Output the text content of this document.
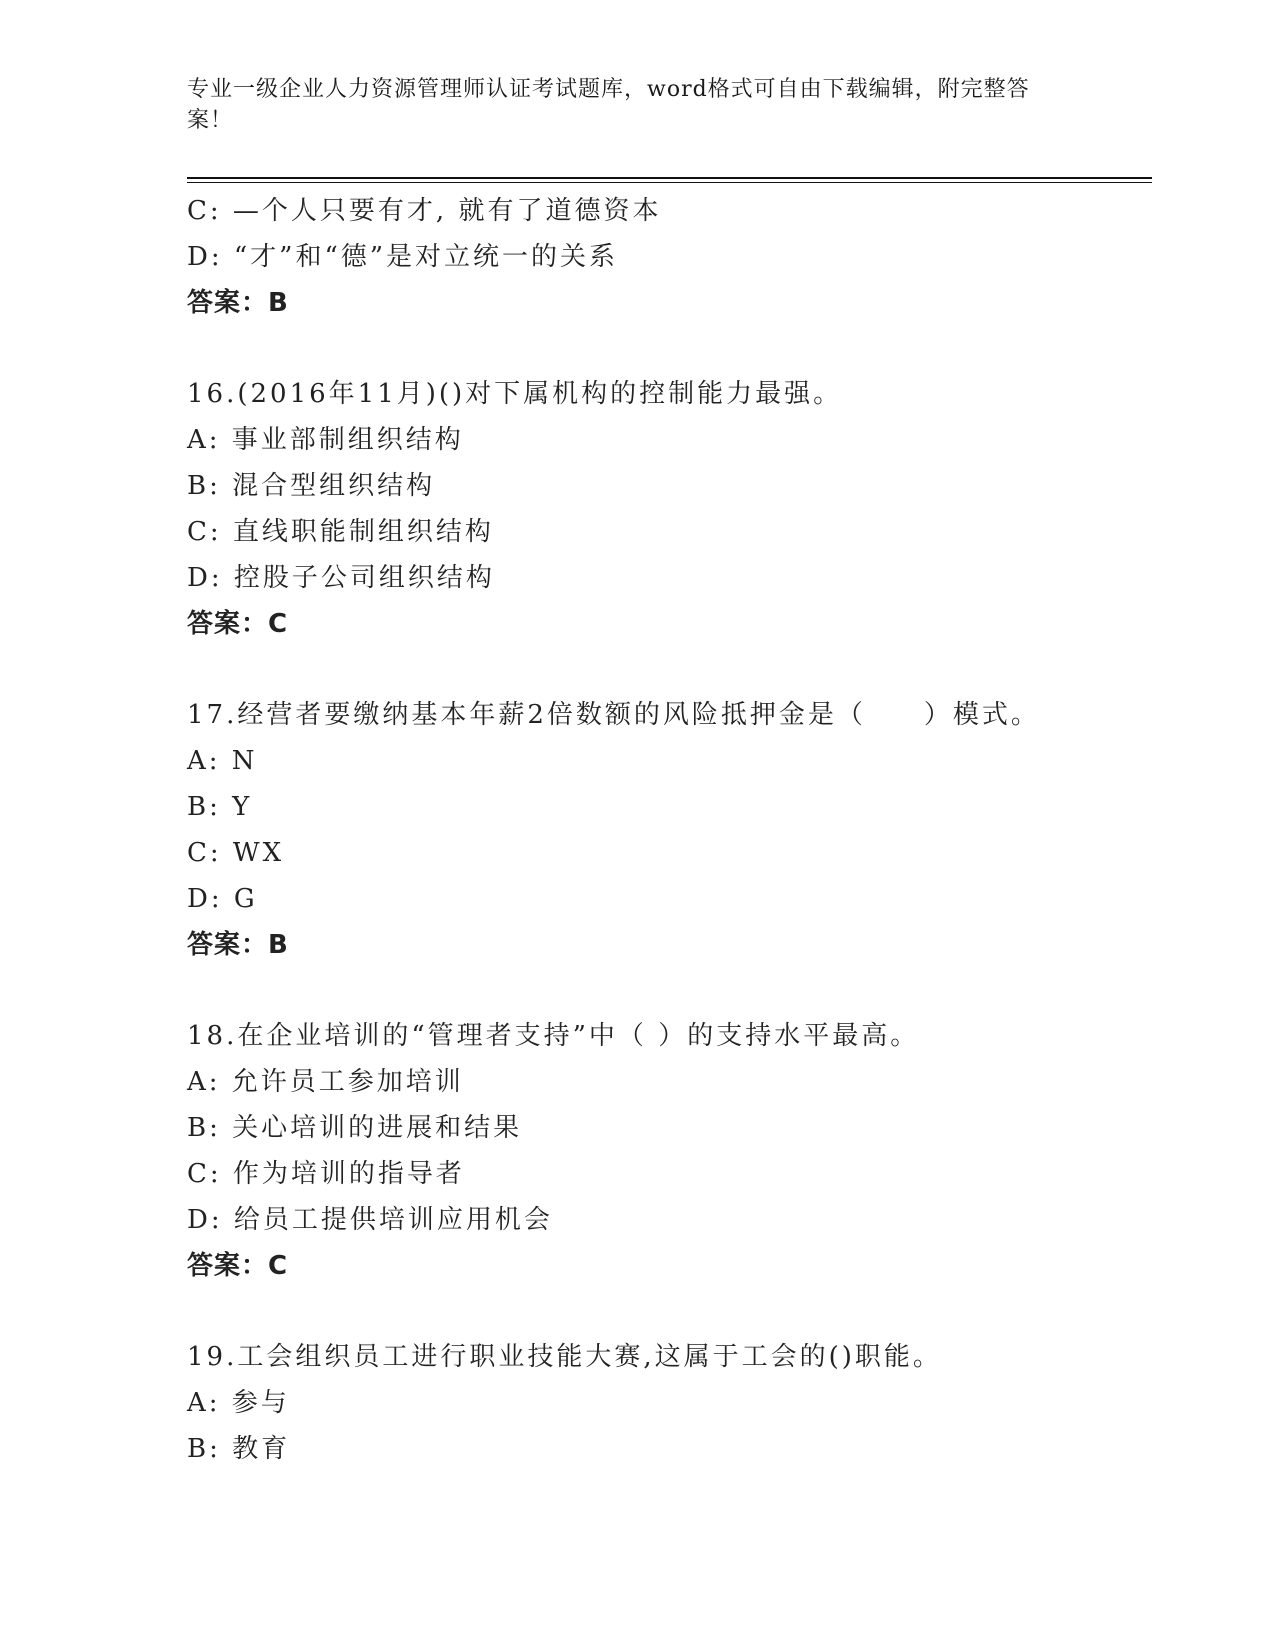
专业一级企业人力资源管理师认证考试题库，word格式可自由下载编辑，附完整答案！
C: —个人只要有才, 就有了道德资本
D: “才”和“德”是对立统一的关系
答案：B
16.(2016年11月)()对下属机构的控制能力最强。
A: 事业部制组织结构
B: 混合型组织结构
C: 直线职能制组织结构
D: 控股子公司组织结构
答案：C
17.经营者要缴纳基本年薪2倍数额的风险抵押金是（　　）模式。
A: N
B: Y
C: WX
D: G
答案：B
18.在企业培训的“管理者支持”中（ ）的支持水平最高。
A: 允许员工参加培训
B: 关心培训的进展和结果
C: 作为培训的指导者
D: 给员工提供培训应用机会
答案：C
19.工会组织员工进行职业技能大赛,这属于工会的()职能。
A: 参与
B: 教育
